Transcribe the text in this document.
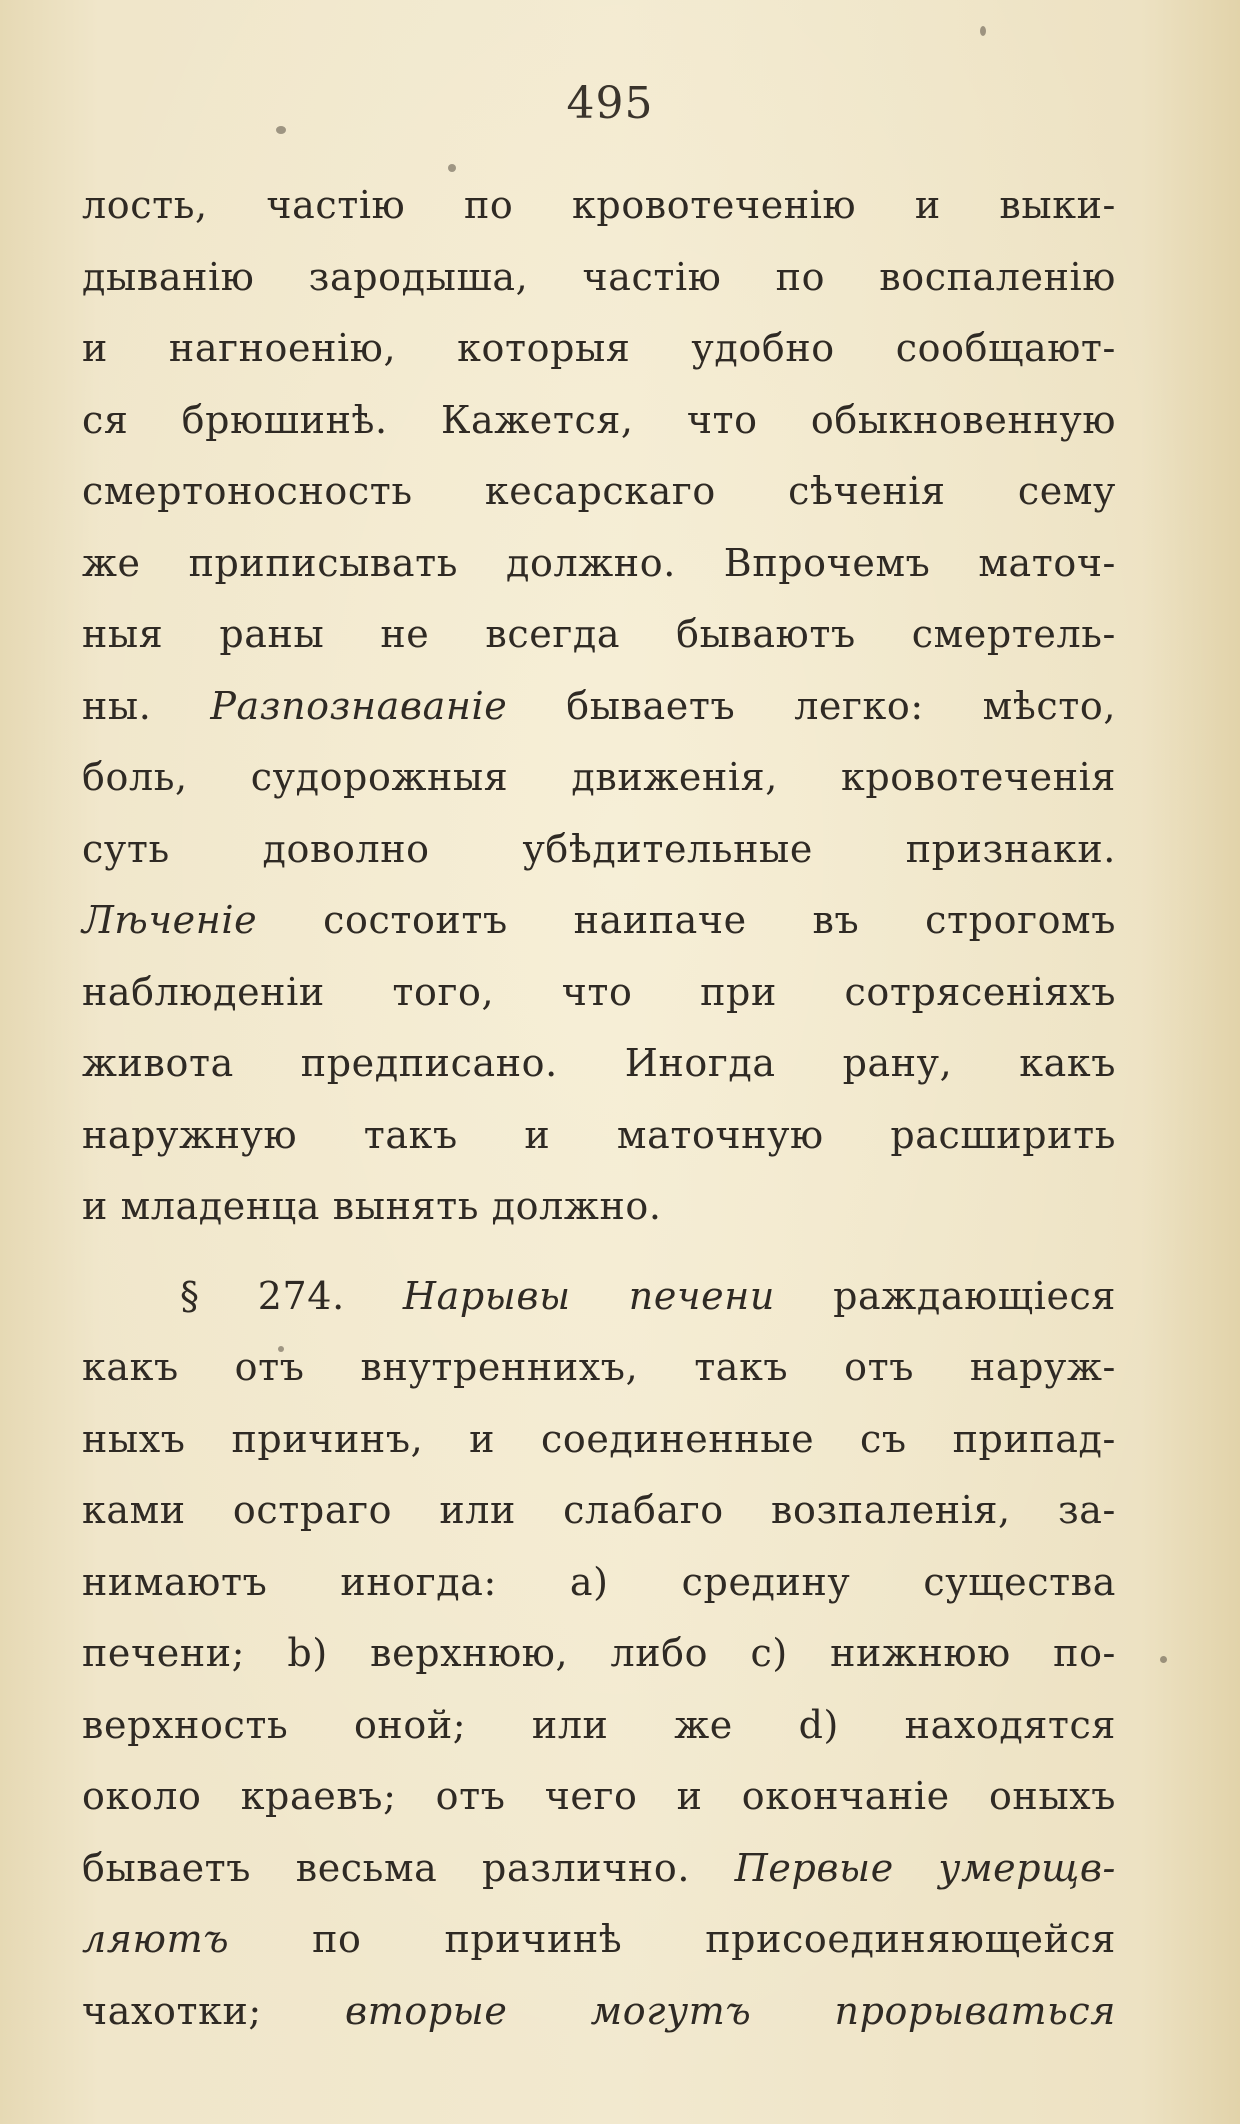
495
лость, частію по кровотеченію и выки-
дыванію зародыша, частію по воспаленію
и нагноенію, которыя удобно сообщают-
ся брюшинѣ. Кажется, что обыкновенную
смертоносность кесарскаго сѣченія сему
же приписывать должно. Впрочемъ маточ-
ныя раны не всегда бываютъ смертель-
ны. Разпознаванiе бываетъ легко: мѣсто,
боль, судорожныя движенія, кровотеченія
суть доволно убѣдительные признаки.
Лѣченiе состоитъ наипаче въ строгомъ
наблюденіи того, что при сотрясеніяхъ
живота предписано. Иногда рану, какъ
наружную такъ и маточную расширить
и младенца вынять должно.
§ 274. Нарывы печени раждающіеся
какъ отъ внутреннихъ, такъ отъ наруж-
ныхъ причинъ, и соединенные съ припад-
ками остраго или слабаго возпаленія, за-
нимаютъ иногда: а) средину существа
печени; b) верхнюю, либо с) нижнюю по-
верхность оной; или же d) находятся
около краевъ; отъ чего и окончаніе оныхъ
бываетъ весьма различно. Первые умерщв-
ляютъ по причинѣ присоединяющейся
чахотки; вторые могутъ прорываться
